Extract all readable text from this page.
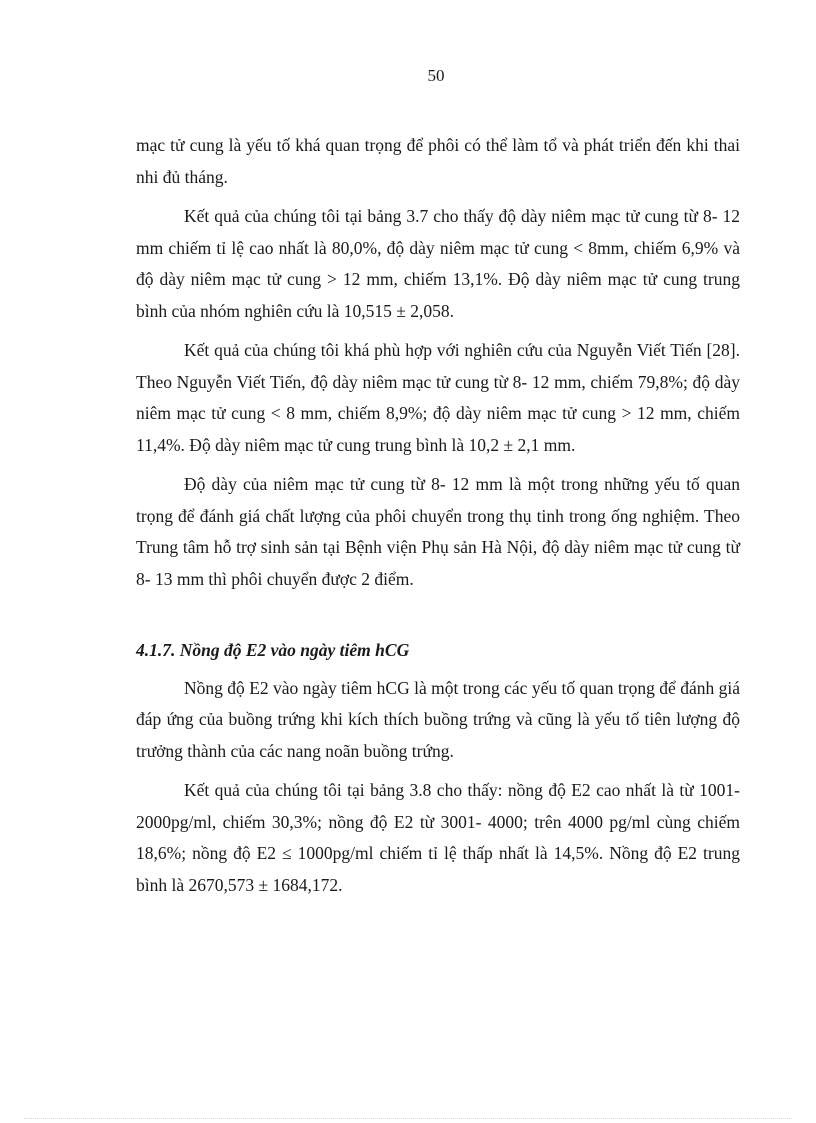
50

mạc tử cung là yếu tố khá quan trọng để phôi có thể làm tổ và phát triển đến khi thai nhi đủ tháng.

Kết quả của chúng tôi tại bảng 3.7 cho thấy độ dày niêm mạc tử cung từ 8- 12 mm chiếm tỉ lệ cao nhất là 80,0%, độ dày niêm mạc tử cung < 8mm, chiếm 6,9% và độ dày niêm mạc tử cung > 12 mm, chiếm 13,1%. Độ dày niêm mạc tử cung trung bình của nhóm nghiên cứu là 10,515 ± 2,058.

Kết quả của chúng tôi khá phù hợp với nghiên cứu của Nguyễn Viết Tiến [28]. Theo Nguyễn Viết Tiến, độ dày niêm mạc tử cung từ 8- 12 mm, chiếm 79,8%; độ dày niêm mạc tử cung < 8 mm, chiếm 8,9%; độ dày niêm mạc tử cung > 12 mm, chiếm 11,4%. Độ dày niêm mạc tử cung trung bình là 10,2 ± 2,1 mm.

Độ dày của niêm mạc tử cung từ 8- 12 mm là một trong những yếu tố quan trọng để đánh giá chất lượng của phôi chuyển trong thụ tinh trong ống nghiệm. Theo Trung tâm hỗ trợ sinh sản tại Bệnh viện Phụ sản Hà Nội, độ dày niêm mạc tử cung từ 8- 13 mm thì phôi chuyển được 2 điểm.

4.1.7. Nồng độ E2 vào ngày tiêm hCG

Nồng độ E2 vào ngày tiêm hCG là một trong các yếu tố quan trọng để đánh giá đáp ứng của buồng trứng khi kích thích buồng trứng và cũng là yếu tố tiên lượng độ trưởng thành của các nang noãn buồng trứng.

Kết quả của chúng tôi tại bảng 3.8 cho thấy: nồng độ E2 cao nhất là từ 1001- 2000pg/ml, chiếm 30,3%; nồng độ E2 từ 3001- 4000; trên 4000 pg/ml cùng chiếm 18,6%; nồng độ E2 ≤ 1000pg/ml chiếm tỉ lệ thấp nhất là 14,5%. Nồng độ E2 trung bình là 2670,573 ± 1684,172.
